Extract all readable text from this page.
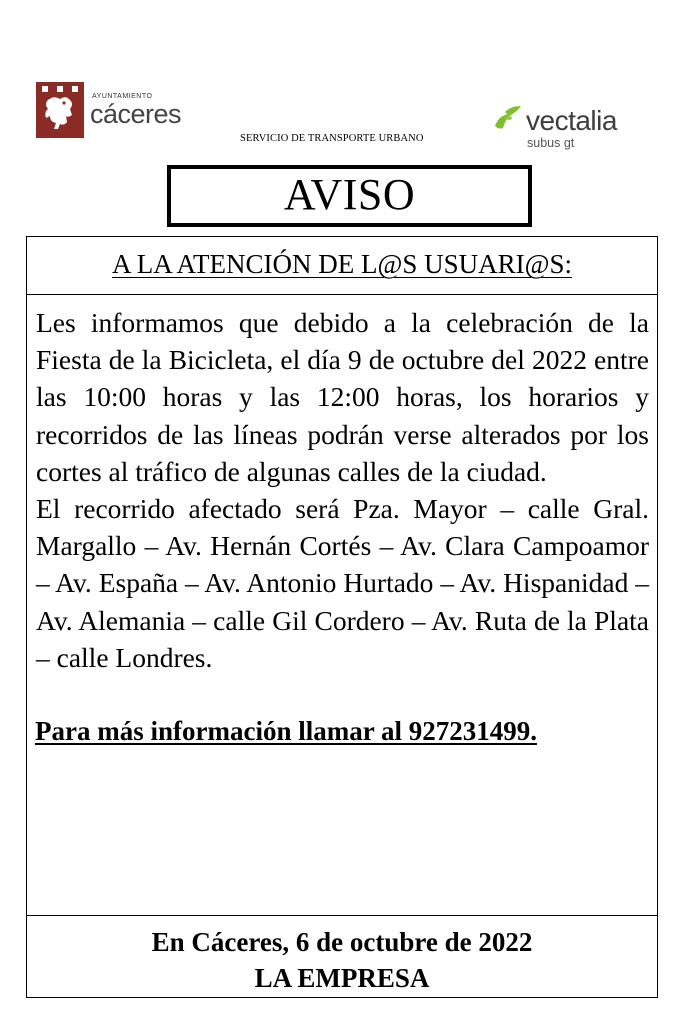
AYUNTAMIENTO
cáceres
SERVICIO DE TRANSPORTE URBANO
vectalia
subus gt
AVISO
A LA ATENCIÓN DE L@S USUARI@S:

Les informamos que debido a la celebración de la Fiesta de la Bicicleta, el día 9 de octubre del 2022 entre las 10:00 horas y las 12:00 horas, los horarios y recorridos de las líneas podrán verse alterados por los cortes al tráfico de algunas calles de la ciudad.

El recorrido afectado será Pza. Mayor – calle Gral. Margallo – Av. Hernán Cortés – Av. Clara Campoamor – Av. España – Av. Antonio Hurtado – Av. Hispanidad – Av. Alemania – calle Gil Cordero – Av. Ruta de la Plata – calle Londres.

Para más información llamar al 927231499.
En Cáceres, 6 de octubre de 2022
LA EMPRESA
